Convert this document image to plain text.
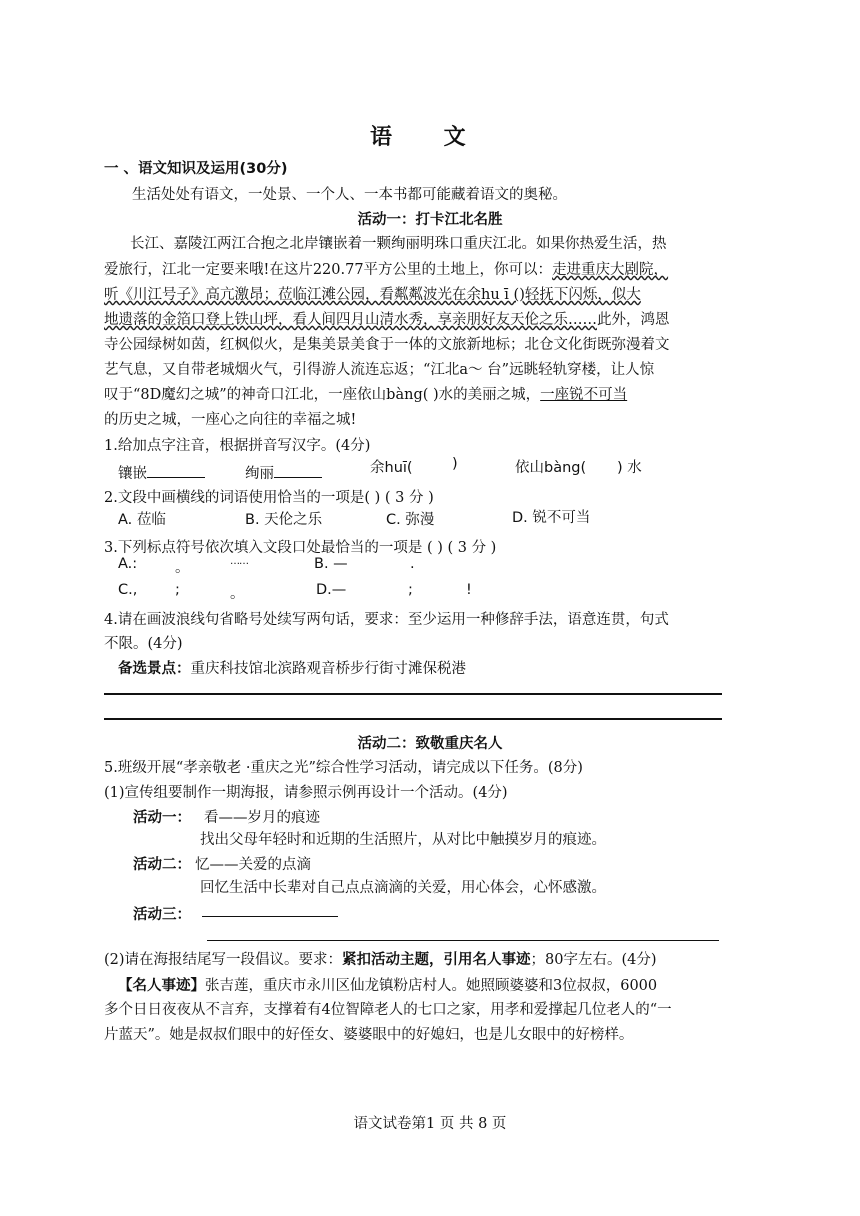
语 文
一 、语文知识及运用(30分)
生活处处有语文，一处景、一个人、一本书都可能藏着语文的奥秘。
活动一：打卡江北名胜
长江、嘉陵江两江合抱之北岸镶嵌着一颗绚丽明珠口重庆江北。如果你热爱生活，热
爱旅行，江北一定要来哦!在这片220.77平方公里的土地上，你可以：走进重庆大剧院，
听《川江号子》高亢激昂；莅临江滩公园，看粼粼波光在余hu ī ()轻抚下闪烁，似大
地遗落的金箔口登上铁山坪，看人间四月山清水秀，享亲朋好友天伦之乐……此外，鸿恩
寺公园绿树如茵，红枫似火，是集美景美食于一体的文旅新地标；北仓文化街既弥漫着文
艺气息，又自带老城烟火气，引得游人流连忘返；“江北a～ 台”远眺轻轨穿楼，让人惊
叹于“8D魔幻之城”的神奇口江北，一座依山bàng( )水的美丽之城，一座锐不可当
的历史之城，一座心之向往的幸福之城!
1.给加点字注音，根据拼音写汉字。(4分)
镶嵌	绚丽	余huī(	)	依山bàng( ) 水
2.文段中画横线的词语使用恰当的一项是( ) ( 3 分 )
A. 莅临	B. 天伦之乐	C. 弥漫	D. 锐不可当
3.下列标点符号依次填入文段口处最恰当的一项是 ( ) ( 3 分 )
A.:	。	……	B. —	.
C.,	;	。	D.—	;	!
4.请在画波浪线句省略号处续写两句话，要求：至少运用一种修辞手法，语意连贯，句式
不限。(4分)
备选景点：重庆科技馆北滨路观音桥步行街寸滩保税港
活动二：致敬重庆名人
5.班级开展“孝亲敬老 ·重庆之光”综合性学习活动，请完成以下任务。(8分)
(1)宣传组要制作一期海报，请参照示例再设计一个活动。(4分)
活动一： 看——岁月的痕迹
找出父母年轻时和近期的生活照片，从对比中触摸岁月的痕迹。
活动二： 忆——关爱的点滴
回忆生活中长辈对自己点点滴滴的关爱，用心体会，心怀感激。
活动三：
(2)请在海报结尾写一段倡议。要求：紧扣活动主题，引用名人事迹；80字左右。(4分)
【名人事迹】张吉莲，重庆市永川区仙龙镇粉店村人。她照顾婆婆和3位叔叔，6000
多个日日夜夜从不言弃，支撑着有4位智障老人的七口之家，用孝和爱撑起几位老人的“一
片蓝天”。她是叔叔们眼中的好侄女、婆婆眼中的好媳妇，也是儿女眼中的好榜样。
语文试卷第1 页 共 8 页
